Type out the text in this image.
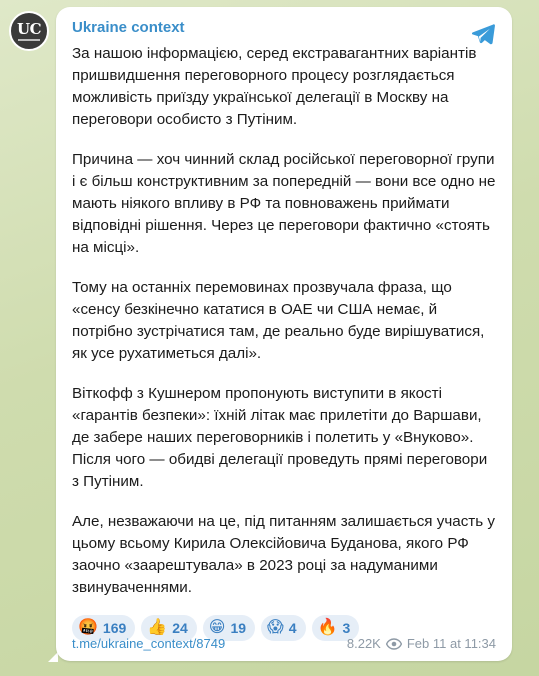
UC Ukraine context

За нашою інформацією, серед екстравагантних варіантів пришвидшення переговорного процесу розглядається можливість приїзду української делегації в Москву на переговори особисто з Путіним.

Причина — хоч чинний склад російської переговорної групи і є більш конструктивним за попередній — вони все одно не мають ніякого впливу в РФ та повноважень приймати відповідні рішення. Через це переговори фактично «стоять на місці».

Тому на останніх перемовинах прозвучала фраза, що «сенсу безкінечно кататися в ОАЕ чи США немає, й потрібно зустрічатися там, де реально буде вирішуватися, як усе рухатиметься далі».

Віткофф з Кушнером пропонують виступити в якості «гарантів безпеки»: їхній літак має прилетіти до Варшави, де забере наших переговорників і полетить у «Внуково». Після чого — обидві делегації проведуть прямі переговори з Путіним.

Але, незважаючи на це, під питанням залишається участь у цьому всьому Кирила Олексійовича Буданова, якого РФ заочно «заарештувала» в 2023 році за надуманими звинуваченнями.

🤬 169 👍 24 😁 19 😱 4 🔥 3
t.me/ukraine_context/8749	8.22K Feb 11 at 11:34
